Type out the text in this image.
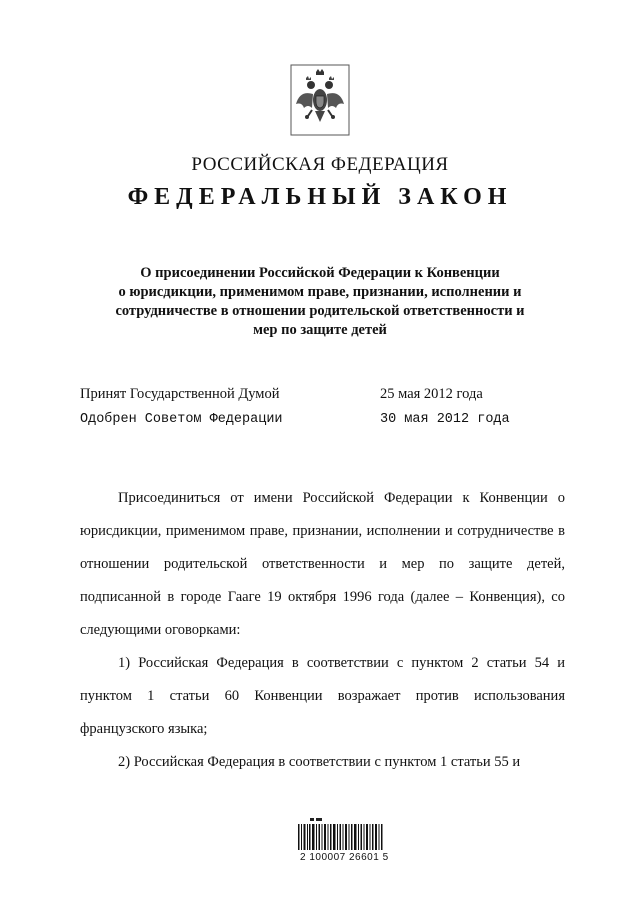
РОССИЙСКАЯ ФЕДЕРАЦИЯ
ФЕДЕРАЛЬНЫЙ ЗАКОН
О присоединении Российской Федерации к Конвенции
о юрисдикции, применимом праве, признании, исполнении и
сотрудничестве в отношении родительской ответственности и
мер по защите детей
Принят Государственной Думой	25 мая 2012 года
Одобрен Советом Федерации	30 мая 2012 года

Присоединиться от имени Российской Федерации к Конвенции о юрисдикции, применимом праве, признании, исполнении и сотрудничестве в отношении родительской ответственности и мер по защите детей, подписанной в городе Гааге 19 октября 1996 года (далее – Конвенция), со следующими оговорками:

1) Российская Федерация в соответствии с пунктом 2 статьи 54 и пунктом 1 статьи 60 Конвенции возражает против использования французского языка;

2) Российская Федерация в соответствии с пунктом 1 статьи 55 и

2 100007 26601 5
